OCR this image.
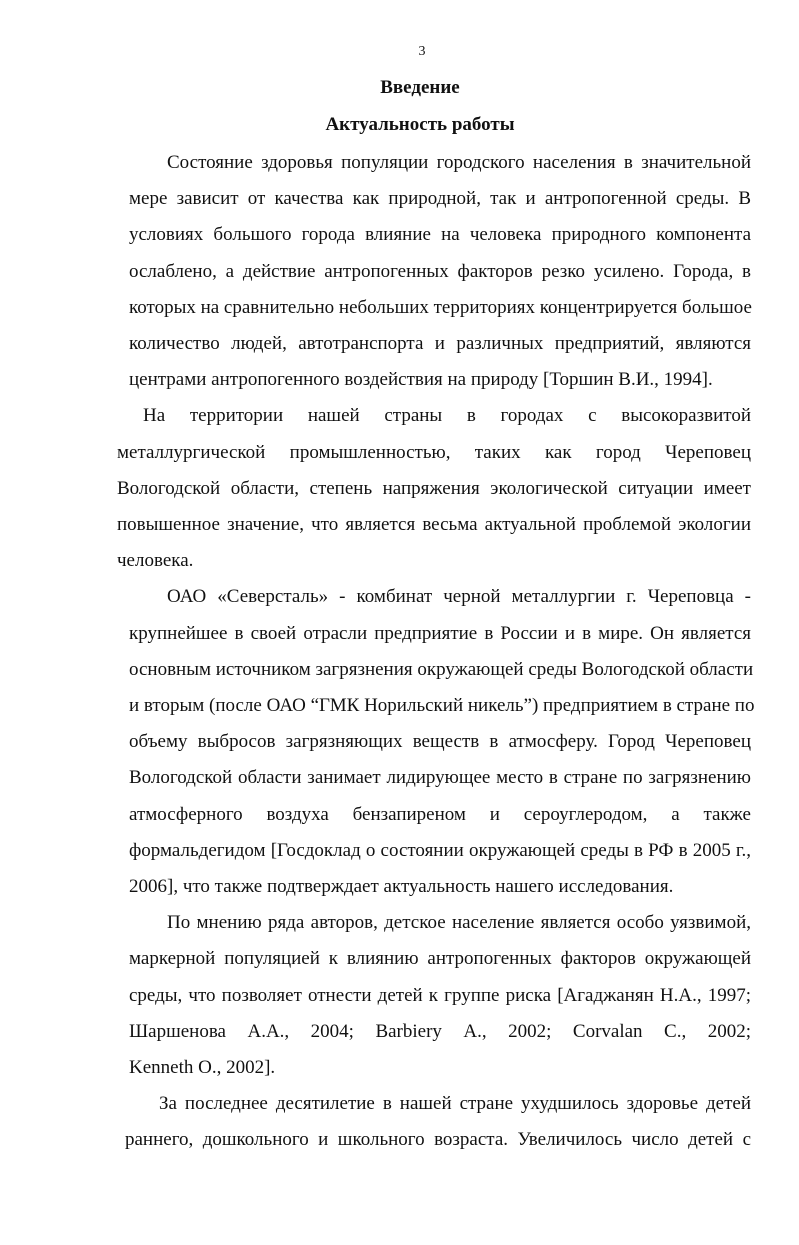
3
Введение
Актуальность работы
Состояние здоровья популяции городского населения в значительной
мере зависит от качества как природной, так и антропогенной среды. В
условиях большого города влияние на человека природного компонента
ослаблено, а действие антропогенных факторов резко усилено. Города, в
которых на сравнительно небольших территориях концентрируется большое
количество людей, автотранспорта и различных предприятий, являются
центрами антропогенного воздействия на природу [Торшин В.И., 1994].
На территории нашей страны в городах с высокоразвитой
металлургической промышленностью, таких как город Череповец
Вологодской области, степень напряжения экологической ситуации имеет
повышенное значение, что является весьма актуальной проблемой экологии
человека.
ОАО «Северсталь» - комбинат черной металлургии г. Череповца -
крупнейшее в своей отрасли предприятие в России и в мире. Он является
основным источником загрязнения окружающей среды Вологодской области
и вторым (после ОАО “ГМК Норильский никель”) предприятием в стране по
объему выбросов загрязняющих веществ в атмосферу. Город Череповец
Вологодской области занимает лидирующее место в стране по загрязнению
атмосферного воздуха бензапиреном и сероуглеродом, а также
формальдегидом [Госдоклад о состоянии окружающей среды в РФ в 2005 г.,
2006], что также подтверждает актуальность нашего исследования.
По мнению ряда авторов, детское население является особо уязвимой,
маркерной популяцией к влиянию антропогенных факторов окружающей
среды, что позволяет отнести детей к группе риска [Агаджанян Н.А., 1997;
Шаршенова А.А., 2004; Barbiery А., 2002; Corvalan C., 2002;
Kenneth O., 2002].
За последнее десятилетие в нашей стране ухудшилось здоровье детей
раннего, дошкольного и школьного возраста. Увеличилось число детей с
